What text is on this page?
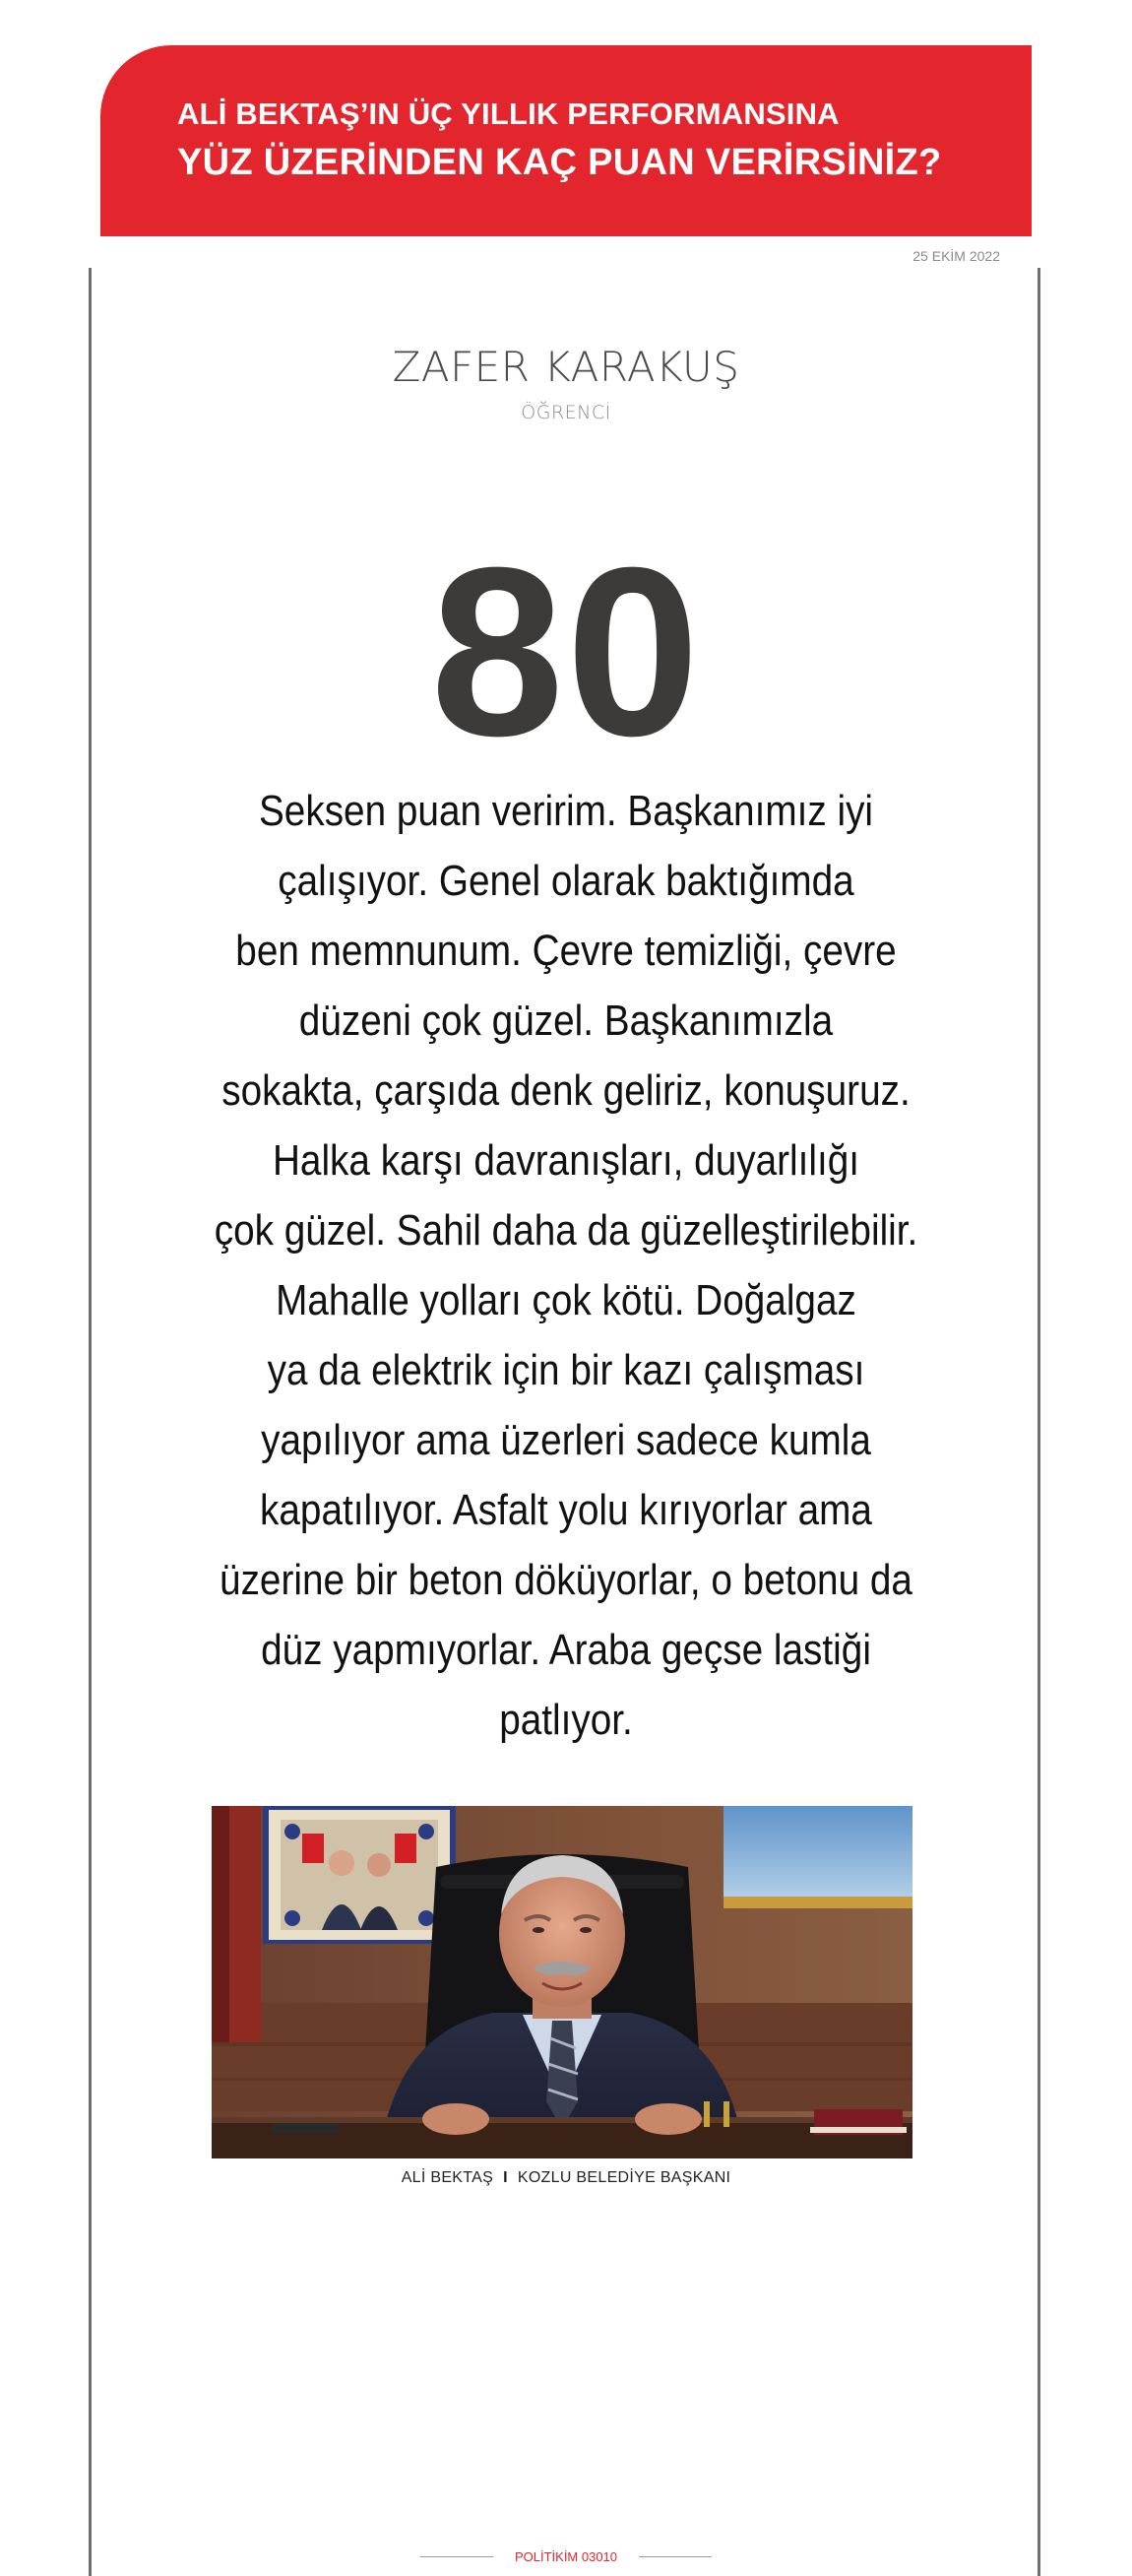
ALİ BEKTAŞ’IN ÜÇ YILLIK PERFORMANSINA
YÜZ ÜZERİNDEN KAÇ PUAN VERİRSİNİZ?
25 EKİM 2022
ZAFER KARAKUŞ
ÖĞRENCİ
80

Seksen puan veririm. Başkanımız iyi
çalışıyor. Genel olarak baktığımda
ben memnunum. Çevre temizliği, çevre
düzeni çok güzel. Başkanımızla
sokakta, çarşıda denk geliriz, konuşuruz.
Halka karşı davranışları, duyarlılığı
çok güzel. Sahil daha da güzelleştirilebilir.
Mahalle yolları çok kötü. Doğalgaz
ya da elektrik için bir kazı çalışması
yapılıyor ama üzerleri sadece kumla
kapatılıyor. Asfalt yolu kırıyorlar ama
üzerine bir beton döküyorlar, o betonu da
düz yapmıyorlar. Araba geçse lastiği
patlıyor.

ALİ BEKTAŞ I KOZLU BELEDİYE BAŞKANI
POLİTİKİM 03010
